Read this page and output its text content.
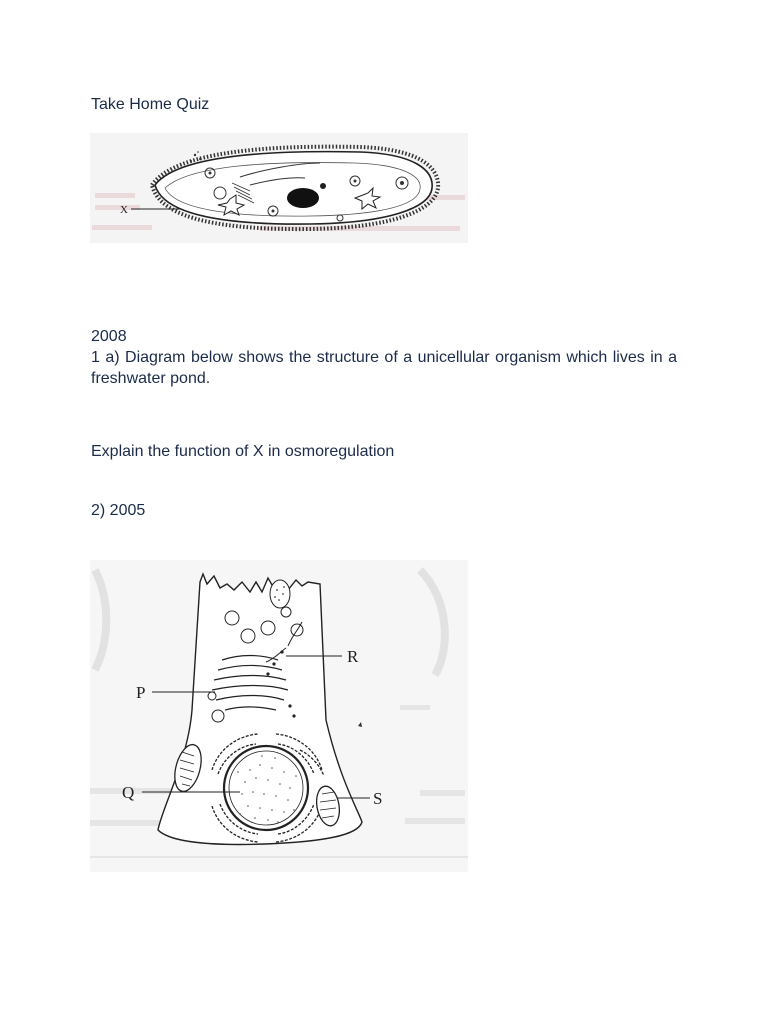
Take Home Quiz
X
2008
1 a) Diagram below shows the structure of a unicellular organism which lives in a freshwater pond.
Explain the function of X in osmoregulation
2) 2005
P
R
Q	S
